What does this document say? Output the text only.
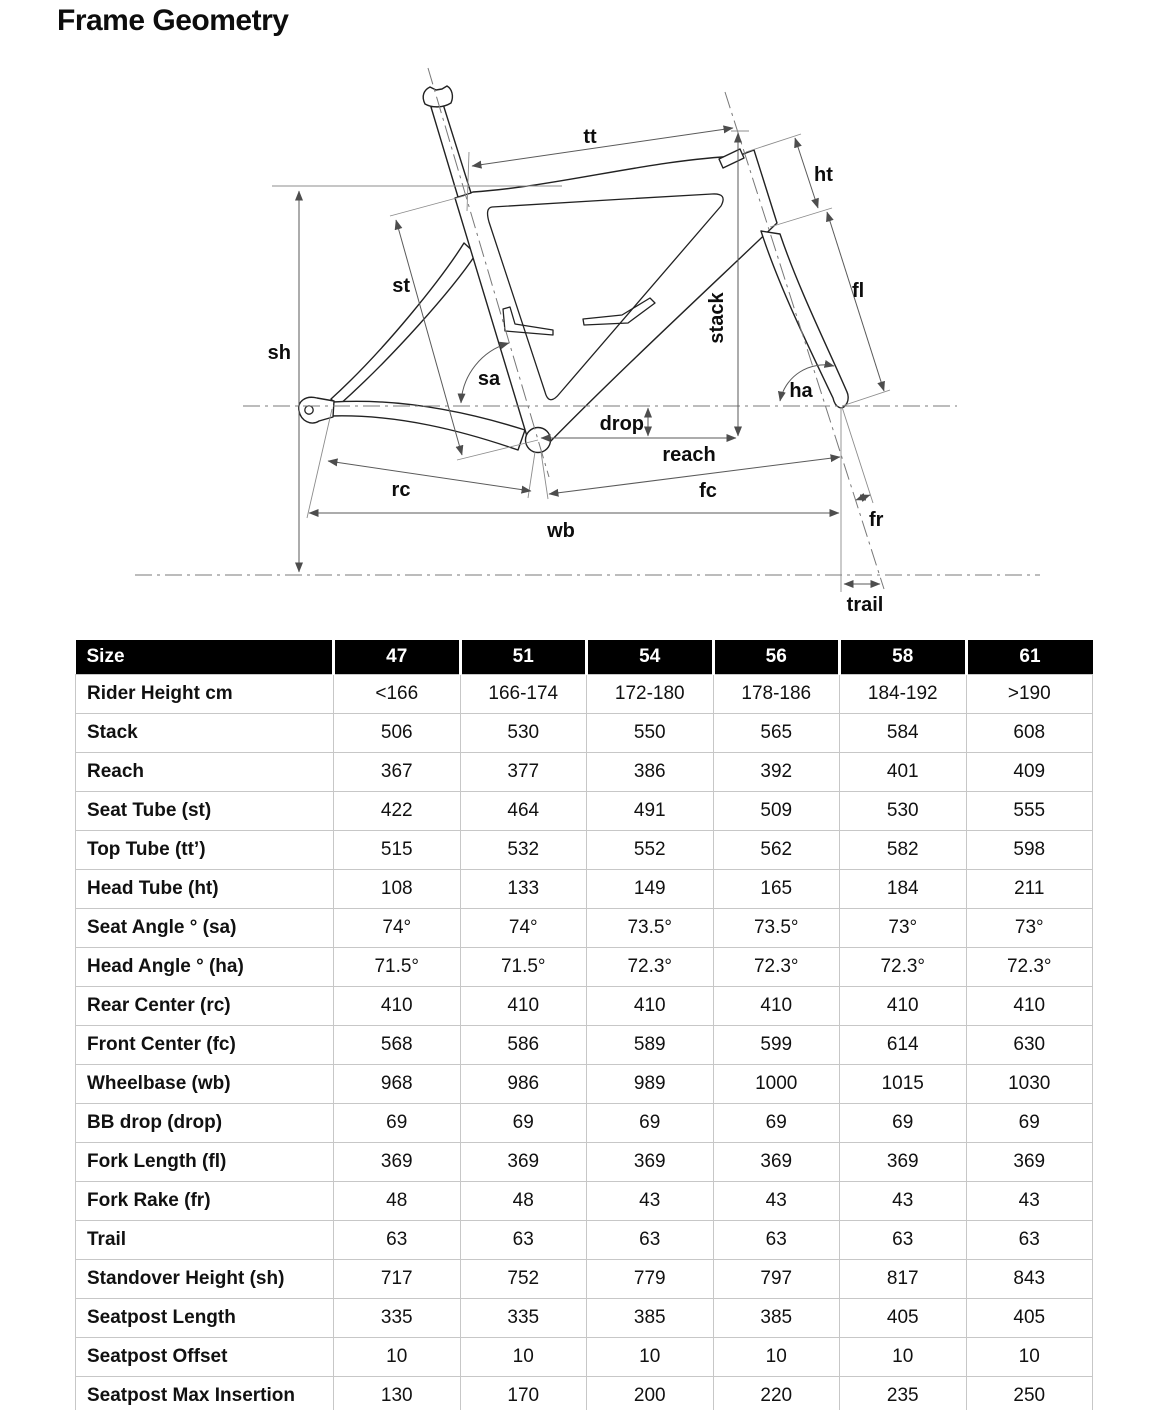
Frame Geometry
tt
ht
st	fl
stack
sh
sa
ha
drop
reach
rc	fc
wb	fr
trail
Size	47	51	54	56	58	61
Rider Height cm	<166	166-174	172-180	178-186	184-192	>190
Stack	506	530	550	565	584	608
Reach	367	377	386	392	401	409
Seat Tube (st)	422	464	491	509	530	555
Top Tube (tt’)	515	532	552	562	582	598
Head Tube (ht)	108	133	149	165	184	211
Seat Angle ° (sa)	74°	74°	73.5°	73.5°	73°	73°
Head Angle ° (ha)	71.5°	71.5°	72.3°	72.3°	72.3°	72.3°
Rear Center (rc)	410	410	410	410	410	410
Front Center (fc)	568	586	589	599	614	630
Wheelbase (wb)	968	986	989	1000	1015	1030
BB drop (drop)	69	69	69	69	69	69
Fork Length (fl)	369	369	369	369	369	369
Fork Rake (fr)	48	48	43	43	43	43
Trail	63	63	63	63	63	63
Standover Height (sh)	717	752	779	797	817	843
Seatpost Length	335	335	385	385	405	405
Seatpost Offset	10	10	10	10	10	10
Seatpost Max Insertion	130	170	200	220	235	250
